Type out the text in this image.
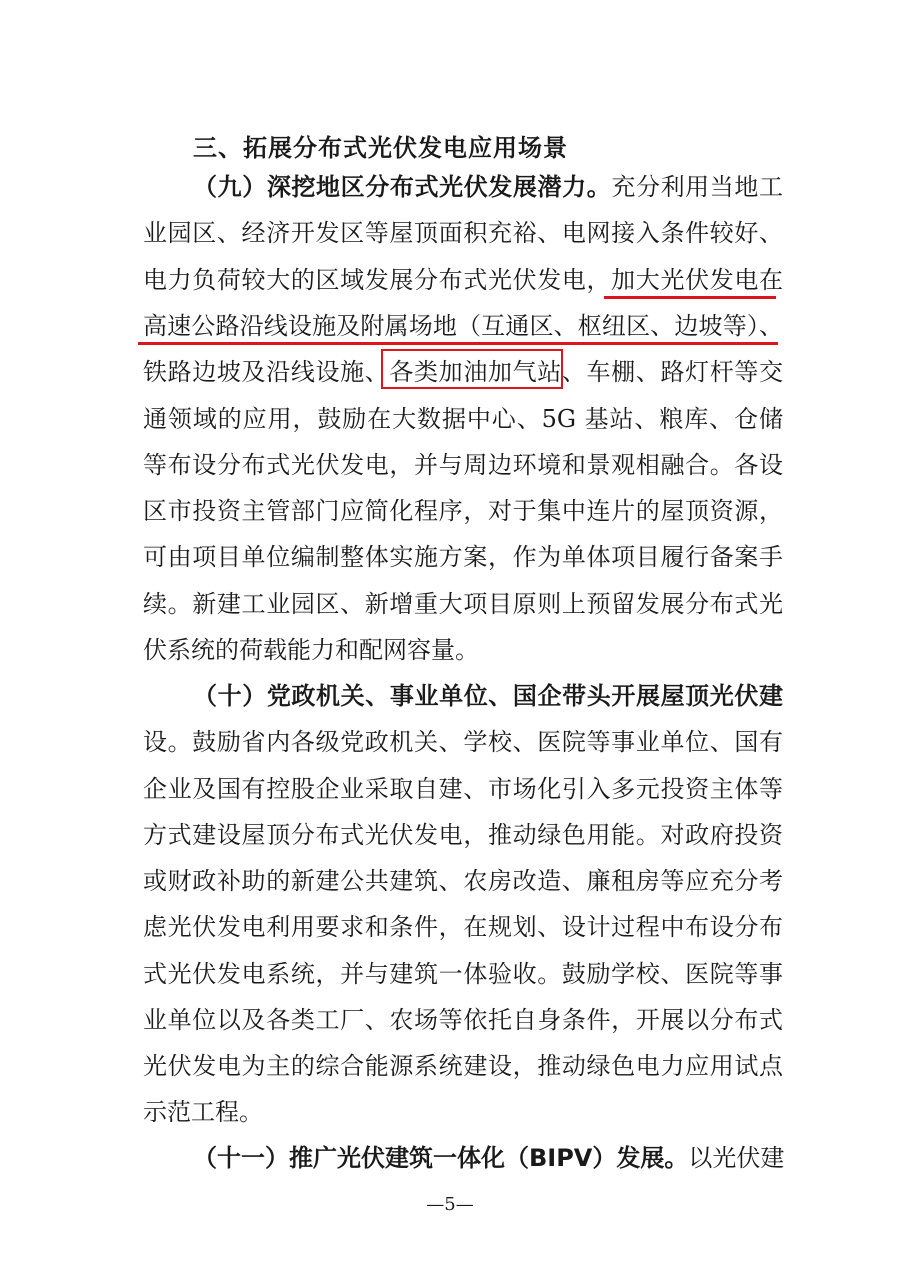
三、拓展分布式光伏发电应用场景
（九）深挖地区分布式光伏发展潜力。充分利用当地工
业园区、经济开发区等屋顶面积充裕、电网接入条件较好、
电力负荷较大的区域发展分布式光伏发电，加大光伏发电在
高速公路沿线设施及附属场地（互通区、枢纽区、边坡等）、
铁路边坡及沿线设施、各类加油加气站、车棚、路灯杆等交
通领域的应用，鼓励在大数据中心、5G 基站、粮库、仓储
等布设分布式光伏发电，并与周边环境和景观相融合。各设
区市投资主管部门应简化程序，对于集中连片的屋顶资源，
可由项目单位编制整体实施方案，作为单体项目履行备案手
续。新建工业园区、新增重大项目原则上预留发展分布式光
伏系统的荷载能力和配网容量。
（十）党政机关、事业单位、国企带头开展屋顶光伏建
设。鼓励省内各级党政机关、学校、医院等事业单位、国有
企业及国有控股企业采取自建、市场化引入多元投资主体等
方式建设屋顶分布式光伏发电，推动绿色用能。对政府投资
或财政补助的新建公共建筑、农房改造、廉租房等应充分考
虑光伏发电利用要求和条件，在规划、设计过程中布设分布
式光伏发电系统，并与建筑一体验收。鼓励学校、医院等事
业单位以及各类工厂、农场等依托自身条件，开展以分布式
光伏发电为主的综合能源系统建设，推动绿色电力应用试点
示范工程。
（十一）推广光伏建筑一体化（BIPV）发展。以光伏建
—5—
